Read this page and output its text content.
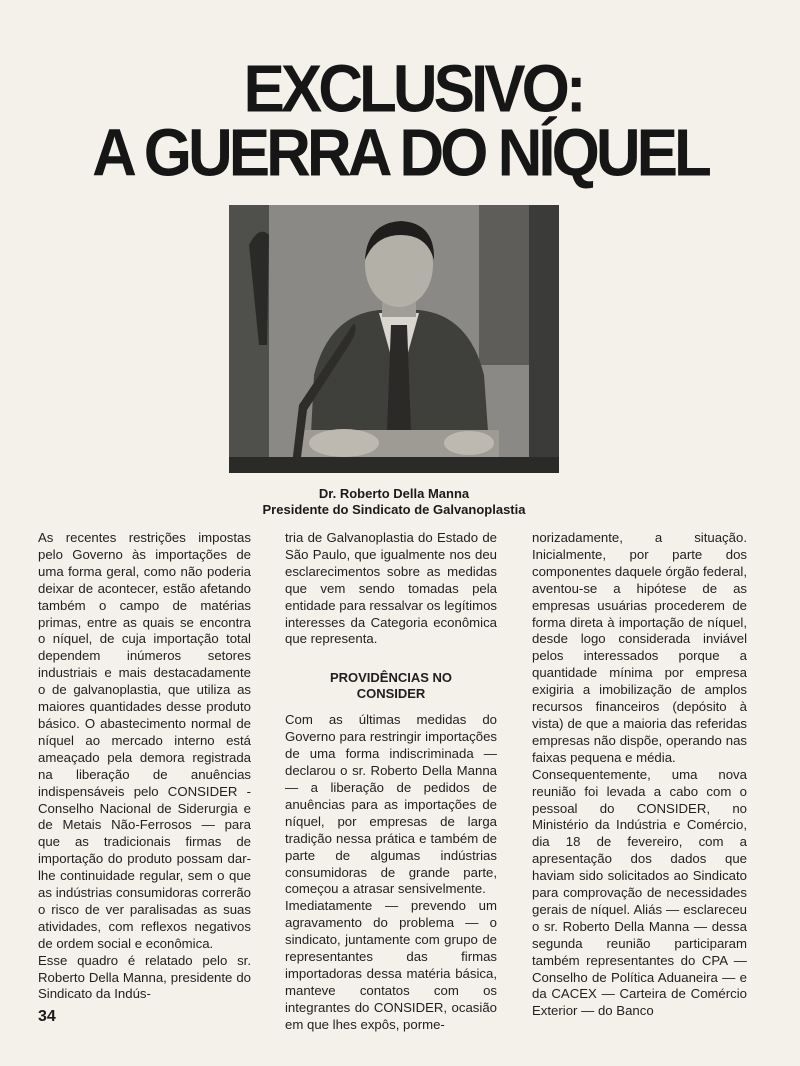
EXCLUSIVO:
A GUERRA DO NÍQUEL
Dr. Roberto Della Manna
Presidente do Sindicato de Galvanoplastia

As recentes restrições impostas pelo Governo às importações de uma forma geral, como não poderia deixar de acontecer, estão afetando também o campo de matérias primas, entre as quais se encontra o níquel, de cuja importação total dependem inúmeros setores industriais e mais destacadamente o de galvanoplastia, que utiliza as maiores quantidades desse produto básico. O abastecimento normal de níquel ao mercado interno está ameaçado pela demora registrada na liberação de anuências indispensáveis pelo CONSIDER - Conselho Nacional de Siderurgia e de Metais Não-Ferrosos — para que as tradicionais firmas de importação do produto possam dar-lhe continuidade regular, sem o que as indústrias consumidoras correrão o risco de ver paralisadas as suas atividades, com reflexos negativos de ordem social e econômica.

Esse quadro é relatado pelo sr. Roberto Della Manna, presidente do Sindicato da Indús-

tria de Galvanoplastia do Estado de São Paulo, que igualmente nos deu esclarecimentos sobre as medidas que vem sendo tomadas pela entidade para ressalvar os legítimos interesses da Categoria econômica que representa.

PROVIDÊNCIAS NO
CONSIDER

Com as últimas medidas do Governo para restringir importações de uma forma indiscriminada — declarou o sr. Roberto Della Manna — a liberação de pedidos de anuências para as importações de níquel, por empresas de larga tradição nessa prática e também de parte de algumas indústrias consumidoras de grande parte, começou a atrasar sensivelmente.

Imediatamente — prevendo um agravamento do problema — o sindicato, juntamente com grupo de representantes das firmas importadoras dessa matéria básica, manteve contatos com os integrantes do CONSIDER, ocasião em que lhes expôs, porme-

norizadamente, a situação. Inicialmente, por parte dos componentes daquele órgão federal, aventou-se a hipótese de as empresas usuárias procederem de forma direta à importação de níquel, desde logo considerada inviável pelos interessados porque a quantidade mínima por empresa exigiria a imobilização de amplos recursos financeiros (depósito à vista) de que a maioria das referidas empresas não dispõe, operando nas faixas pequena e média.

Consequentemente, uma nova reunião foi levada a cabo com o pessoal do CONSIDER, no Ministério da Indústria e Comércio, dia 18 de fevereiro, com a apresentação dos dados que haviam sido solicitados ao Sindicato para comprovação de necessidades gerais de níquel. Aliás — esclareceu o sr. Roberto Della Manna — dessa segunda reunião participaram também representantes do CPA — Conselho de Política Aduaneira — e da CACEX — Carteira de Comércio Exterior — do Banco

34
